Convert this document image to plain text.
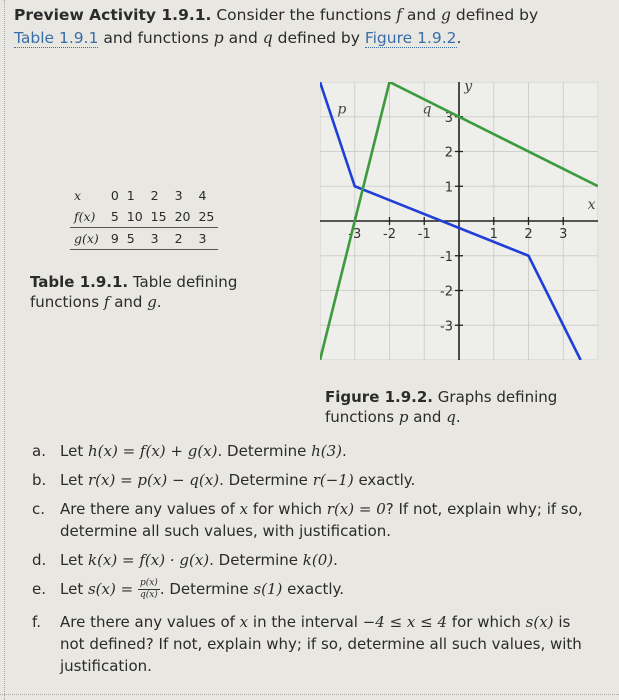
Preview Activity 1.9.1. Consider the functions f and g defined by
Table 1.9.1 and functions p and q defined by Figure 1.9.2.
x	0	1	2	3	4
f(x)	5	10	15	20	25
g(x)	9	5	3	2	3
Table 1.9.1. Table defining functions f and g.
-3 -2 -1	1 2 3
3
2
1
-1
-2
-3
x
y
p	q
Figure 1.9.2. Graphs defining functions p and q.
a. Let h(x) = f(x) + g(x). Determine h(3).
b. Let r(x) = p(x) − q(x). Determine r(−1) exactly.
c. Are there any values of x for which r(x) = 0? If not, explain why; if so, determine all such values, with justification.
d. Let k(x) = f(x) · g(x). Determine k(0).
e. Let $s(x) = \frac{p(x)}{q(x)}$ . Determine s(1) exactly.
f. Are there any values of x in the interval −4 ≤ x ≤ 4 for which s(x) is not defined? If not, explain why; if so, determine all such values, with justification.
